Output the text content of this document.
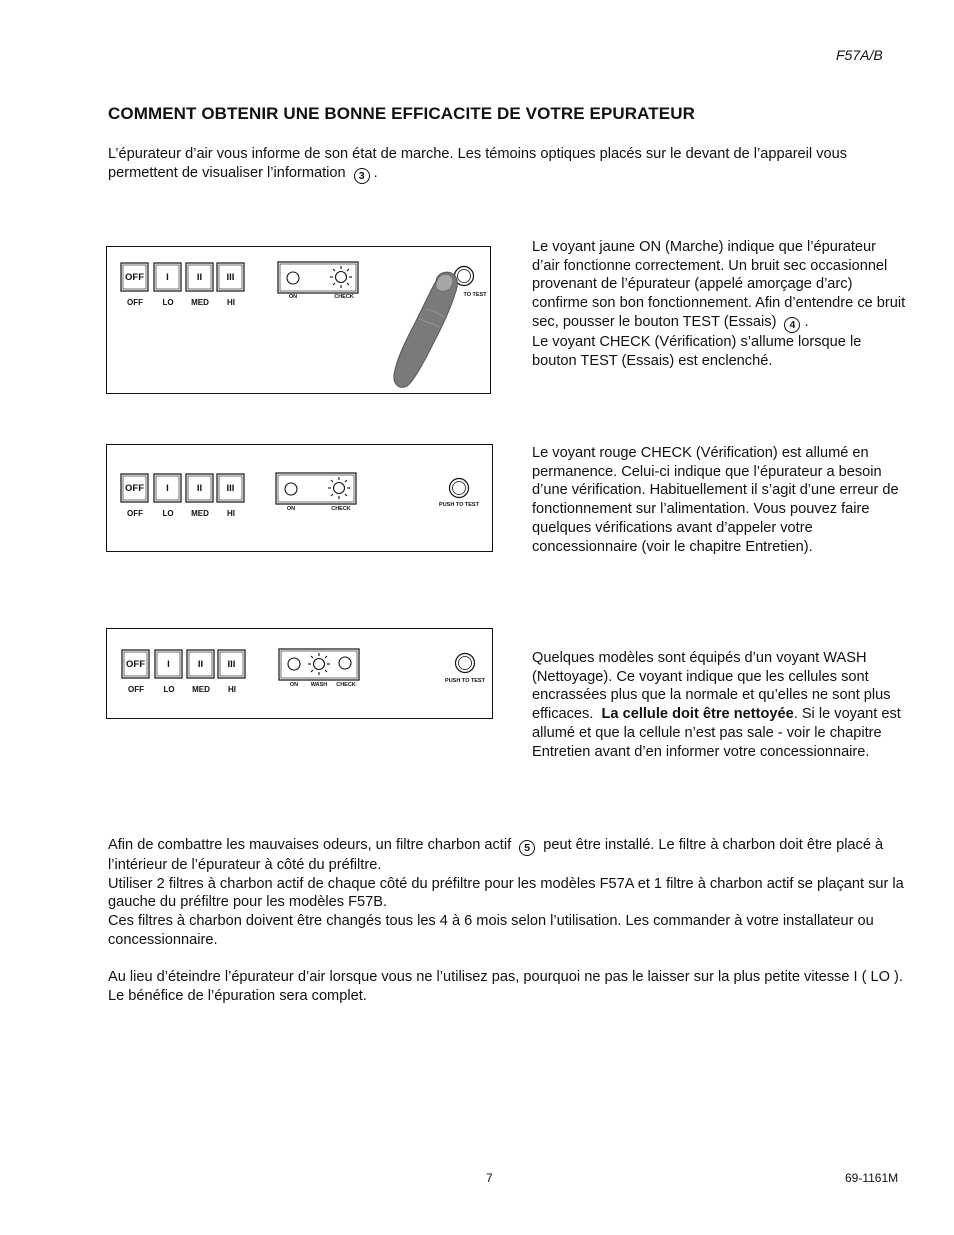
F57A/B
COMMENT OBTENIR UNE BONNE EFFICACITE DE VOTRE EPURATEUR
L’épurateur d’air vous informe de son état de marche. Les témoins optiques placés sur le devant de l’appareil vous permettent de visualiser l’information 3 .
OFF I	II	III
OFF LO MED HI
ON	CHECK	TO TEST
Le voyant jaune ON (Marche) indique que l’épurateur d’air fonctionne correctement. Un bruit sec occasionnel provenant de l’épurateur (appelé amorçage d’arc) confirme son bon fonctionnement. Afin d’entendre ce bruit sec, pousser le bouton TEST (Essais) 4 .
Le voyant CHECK (Vérification) s’allume lorsque le bouton TEST (Essais) est enclenché.
OFF I	II	III
OFF LO MED HI	ON	CHECK
PUSH TO TEST
Le voyant rouge CHECK (Vérification) est allumé en permanence. Celui-ci indique que l’épurateur a besoin d’une vérification. Habituellement il s’agit d’une erreur de fonctionnement sur l’alimentation. Vous pouvez faire quelques vérifications avant d’appeler votre concessionnaire (voir le chapitre Entretien).
OFF I	II	III
OFF LO MED HI	ON WASH CHECK
PUSH TO TEST
Quelques modèles sont équipés d’un voyant WASH (Nettoyage). Ce voyant indique que les cellules sont encrassées plus que la normale et qu’elles ne sont plus efficaces. La cellule doit être nettoyée. Si le voyant est allumé et que la cellule n’est pas sale - voir le chapitre Entretien avant d’en informer votre concessionnaire.
Afin de combattre les mauvaises odeurs, un filtre charbon actif 5 peut être installé. Le filtre à charbon doit être placé à l’intérieur de l’épurateur à côté du préfiltre.
Utiliser 2 filtres à charbon actif de chaque côté du préfiltre pour les modèles F57A et 1 filtre à charbon actif se plaçant sur la gauche du préfiltre pour les modèles F57B.
Ces filtres à charbon doivent être changés tous les 4 à 6 mois selon l’utilisation. Les commander à votre installateur ou concessionnaire.
Au lieu d’éteindre l’épurateur d’air lorsque vous ne l’utilisez pas, pourquoi ne pas le laisser sur la plus petite vitesse I ( LO ). Le bénéfice de l’épuration sera complet.
7	69-1161M
